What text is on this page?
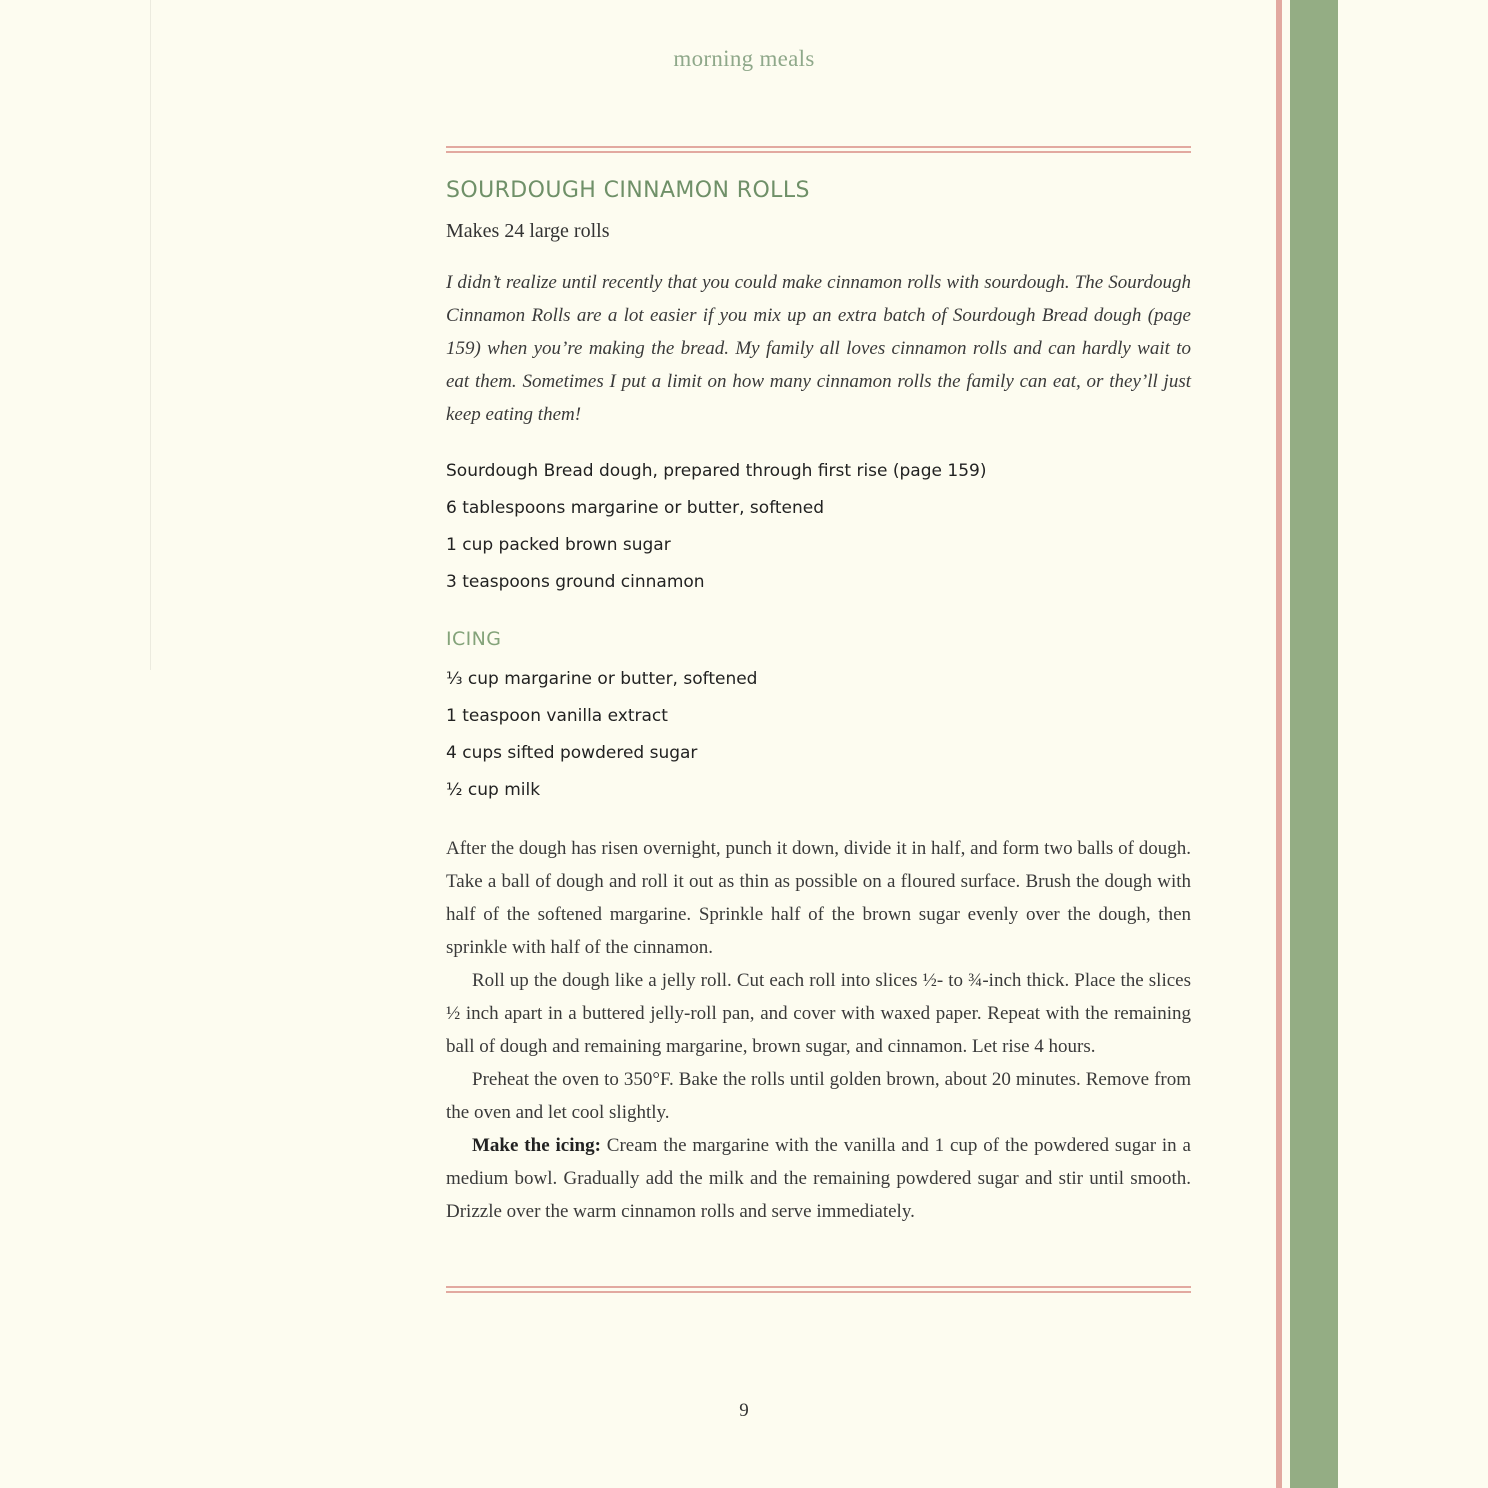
morning meals
SOURDOUGH CINNAMON ROLLS

Makes 24 large rolls

I didn’t realize until recently that you could make cinnamon rolls with sourdough. The Sourdough Cinnamon Rolls are a lot easier if you mix up an extra batch of Sourdough Bread dough (page 159) when you’re making the bread. My family all loves cinnamon rolls and can hardly wait to eat them. Sometimes I put a limit on how many cinnamon rolls the family can eat, or they’ll just keep eating them!

Sourdough Bread dough, prepared through first rise (page 159)
6 tablespoons margarine or butter, softened
1 cup packed brown sugar
3 teaspoons ground cinnamon
ICING
⅓ cup margarine or butter, softened
1 teaspoon vanilla extract
4 cups sifted powdered sugar
½ cup milk

After the dough has risen overnight, punch it down, divide it in half, and form two balls of dough. Take a ball of dough and roll it out as thin as possible on a floured surface. Brush the dough with half of the softened margarine. Sprinkle half of the brown sugar evenly over the dough, then sprinkle with half of the cinnamon.

Roll up the dough like a jelly roll. Cut each roll into slices ½- to ¾-inch thick. Place the slices ½ inch apart in a buttered jelly-roll pan, and cover with waxed paper. Repeat with the remaining ball of dough and remaining margarine, brown sugar, and cinnamon. Let rise 4 hours.

Preheat the oven to 350°F. Bake the rolls until golden brown, about 20 minutes. Remove from the oven and let cool slightly.

Make the icing: Cream the margarine with the vanilla and 1 cup of the powdered sugar in a medium bowl. Gradually add the milk and the remaining powdered sugar and stir until smooth. Drizzle over the warm cinnamon rolls and serve immediately.

9
